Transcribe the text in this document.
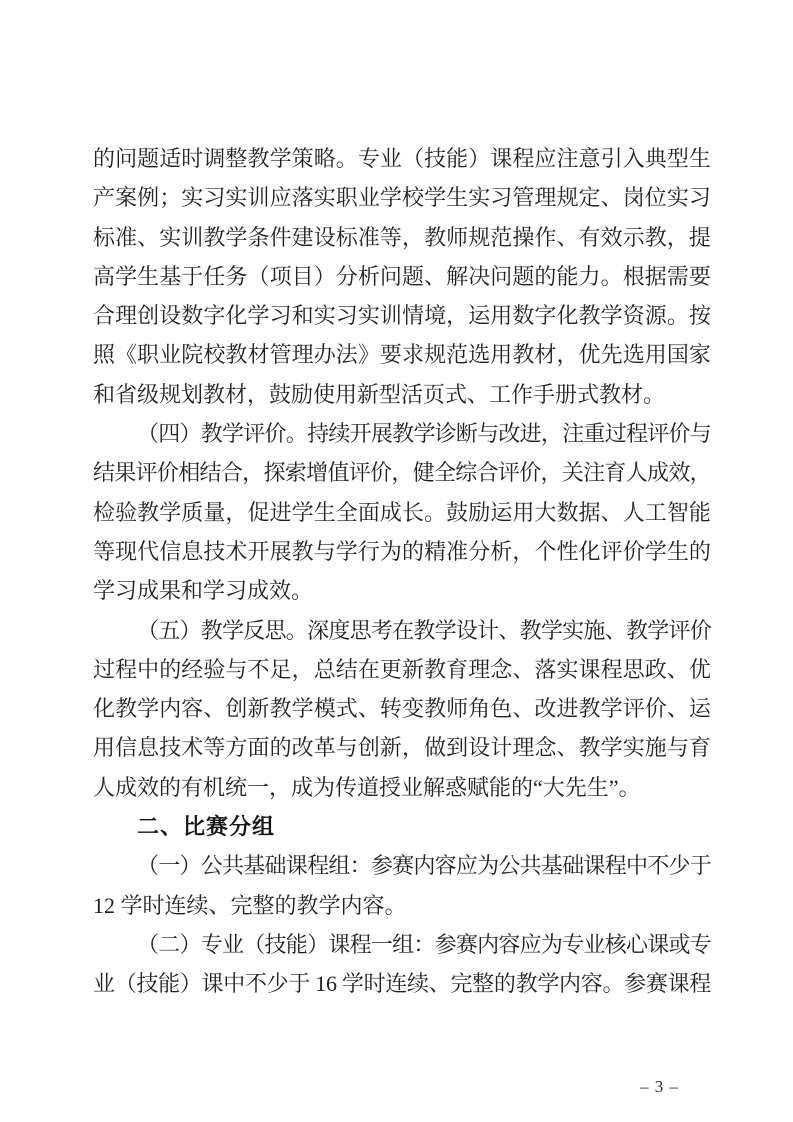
的问题适时调整教学策略。专业（技能）课程应注意引入典型生
产案例；实习实训应落实职业学校学生实习管理规定、岗位实习
标准、实训教学条件建设标准等，教师规范操作、有效示教，提
高学生基于任务（项目）分析问题、解决问题的能力。根据需要
合理创设数字化学习和实习实训情境，运用数字化教学资源。按
照《职业院校教材管理办法》要求规范选用教材，优先选用国家
和省级规划教材，鼓励使用新型活页式、工作手册式教材。
（四）教学评价。持续开展教学诊断与改进，注重过程评价与
结果评价相结合，探索增值评价，健全综合评价，关注育人成效，
检验教学质量，促进学生全面成长。鼓励运用大数据、人工智能
等现代信息技术开展教与学行为的精准分析，个性化评价学生的
学习成果和学习成效。
（五）教学反思。深度思考在教学设计、教学实施、教学评价
过程中的经验与不足，总结在更新教育理念、落实课程思政、优
化教学内容、创新教学模式、转变教师角色、改进教学评价、运
用信息技术等方面的改革与创新，做到设计理念、教学实施与育
人成效的有机统一，成为传道授业解惑赋能的“大先生”。
二、比赛分组
（一）公共基础课程组：参赛内容应为公共基础课程中不少于
12 学时连续、完整的教学内容。
（二）专业（技能）课程一组：参赛内容应为专业核心课或专
业（技能）课中不少于 16 学时连续、完整的教学内容。参赛课程
– 3 –
